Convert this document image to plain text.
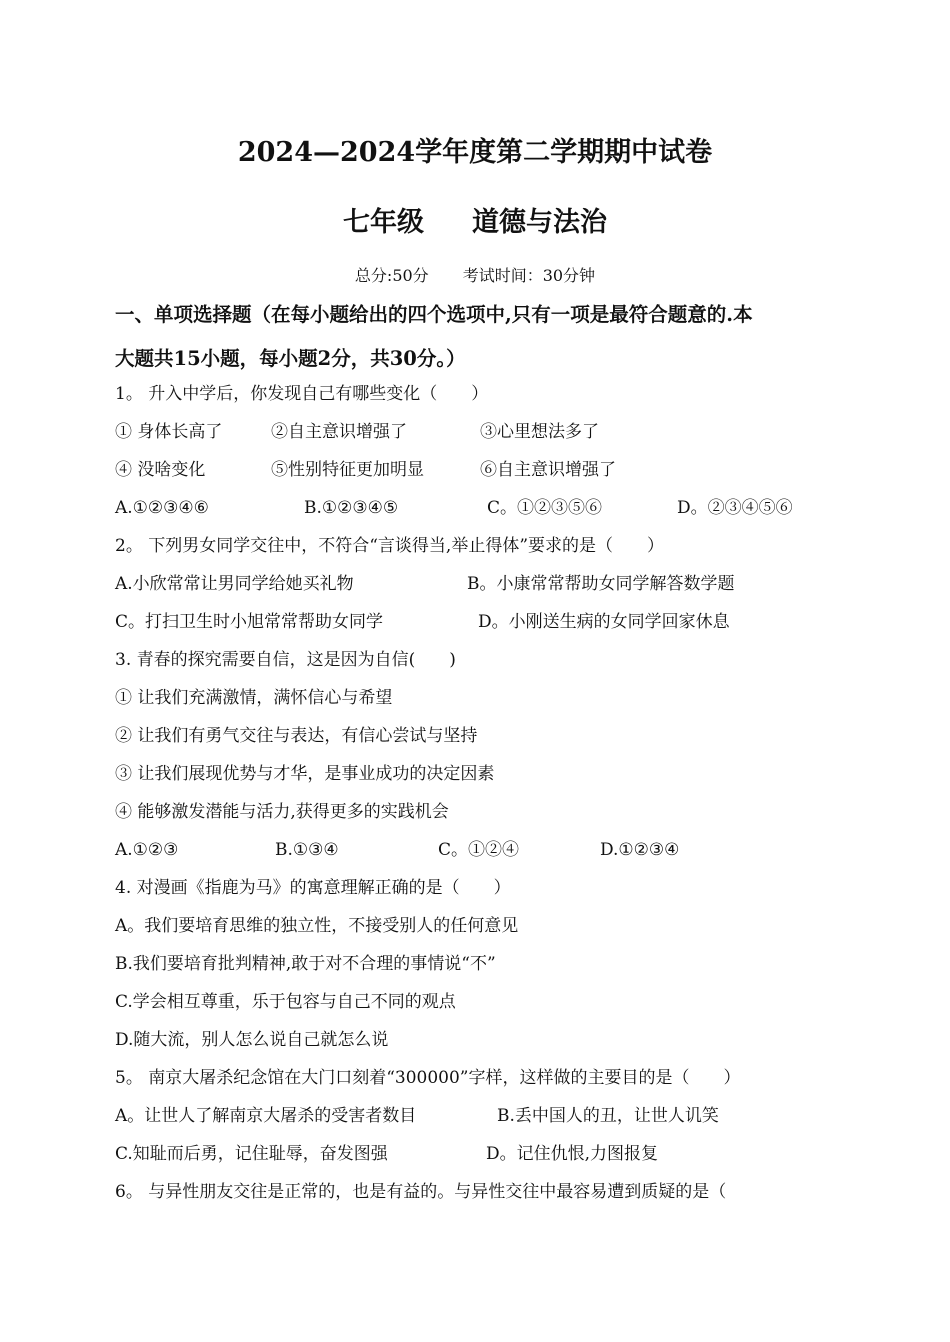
2024—2024学年度第二学期期中试卷
七年级 道德与法治
总分:50分 考试时间：30分钟
一、单项选择题（在每小题给出的四个选项中,只有一项是最符合题意的.本
大题共15小题，每小题2分，共30分。）
1。 升入中学后，你发现自己有哪些变化（　　）
① 身体长高了	②自主意识增强了	③心里想法多了
④ 没啥变化	⑤性别特征更加明显	⑥自主意识增强了
A.①②③④⑥	B.①②③④⑤	C。①②③⑤⑥	D。②③④⑤⑥
2。 下列男女同学交往中，不符合“言谈得当,举止得体”要求的是（　　）
A.小欣常常让男同学给她买礼物	B。小康常常帮助女同学解答数学题
C。打扫卫生时小旭常常帮助女同学	D。小刚送生病的女同学回家休息
3. 青春的探究需要自信，这是因为自信(　　)
① 让我们充满激情，满怀信心与希望
② 让我们有勇气交往与表达，有信心尝试与坚持
③ 让我们展现优势与才华，是事业成功的决定因素
④ 能够激发潜能与活力,获得更多的实践机会
A.①②③	B.①③④	C。①②④	D.①②③④
4. 对漫画《指鹿为马》的寓意理解正确的是（　　）
A。我们要培育思维的独立性，不接受别人的任何意见
B.我们要培育批判精神,敢于对不合理的事情说“不”
C.学会相互尊重，乐于包容与自己不同的观点
D.随大流，别人怎么说自己就怎么说
5。 南京大屠杀纪念馆在大门口刻着“300000”字样，这样做的主要目的是（　　）
A。让世人了解南京大屠杀的受害者数目	B.丢中国人的丑，让世人讥笑
C.知耻而后勇，记住耻辱，奋发图强	D。记住仇恨,力图报复
6。 与异性朋友交往是正常的，也是有益的。与异性交往中最容易遭到质疑的是（
